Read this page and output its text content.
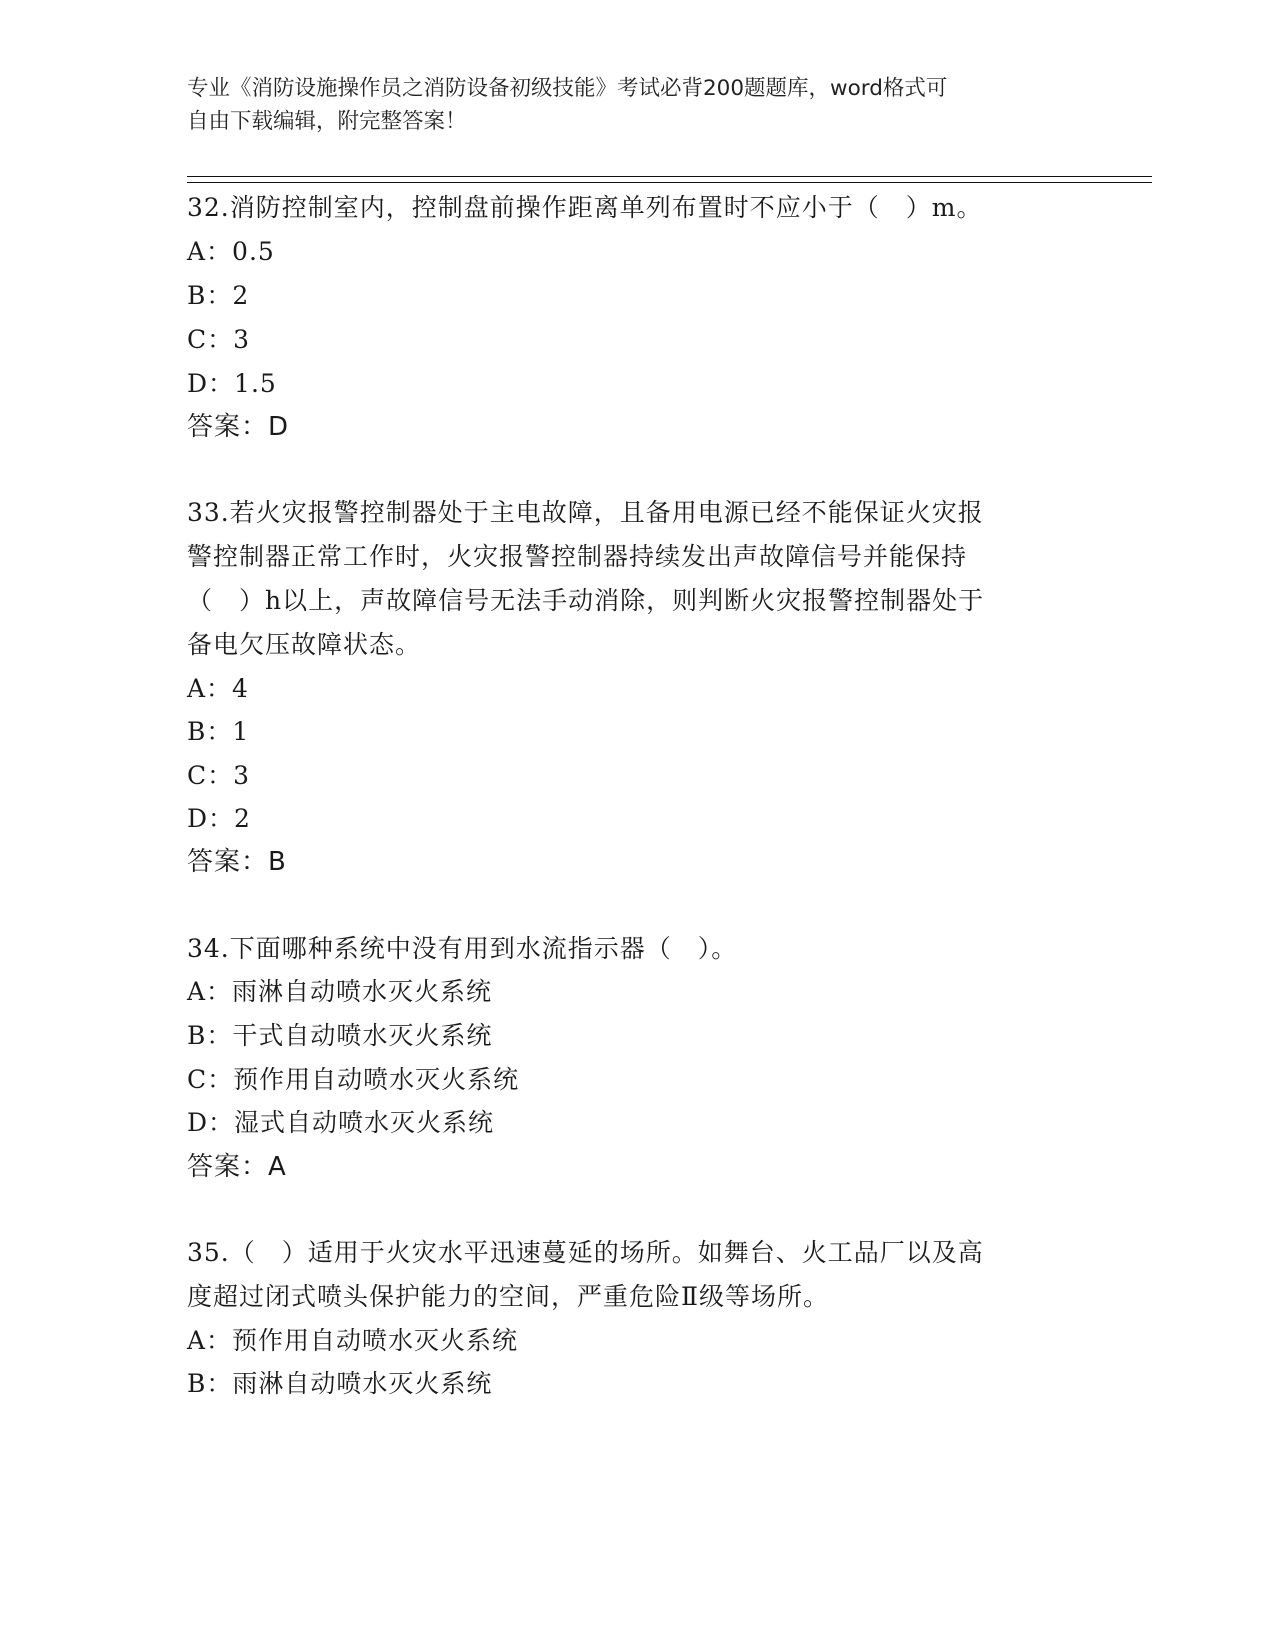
专业《消防设施操作员之消防设备初级技能》考试必背200题题库，word格式可
自由下载编辑，附完整答案！
32.消防控制室内，控制盘前操作距离单列布置时不应小于（　）m。
A：0.5
B：2
C：3
D：1.5
答案：D
33.若火灾报警控制器处于主电故障，且备用电源已经不能保证火灾报
警控制器正常工作时，火灾报警控制器持续发出声故障信号并能保持
（　）h以上，声故障信号无法手动消除，则判断火灾报警控制器处于
备电欠压故障状态。
A：4
B：1
C：3
D：2
答案：B
34.下面哪种系统中没有用到水流指示器（　）。
A：雨淋自动喷水灭火系统
B：干式自动喷水灭火系统
C：预作用自动喷水灭火系统
D：湿式自动喷水灭火系统
答案：A
35.（　）适用于火灾水平迅速蔓延的场所。如舞台、火工品厂以及高
度超过闭式喷头保护能力的空间，严重危险Ⅱ级等场所。
A：预作用自动喷水灭火系统
B：雨淋自动喷水灭火系统
